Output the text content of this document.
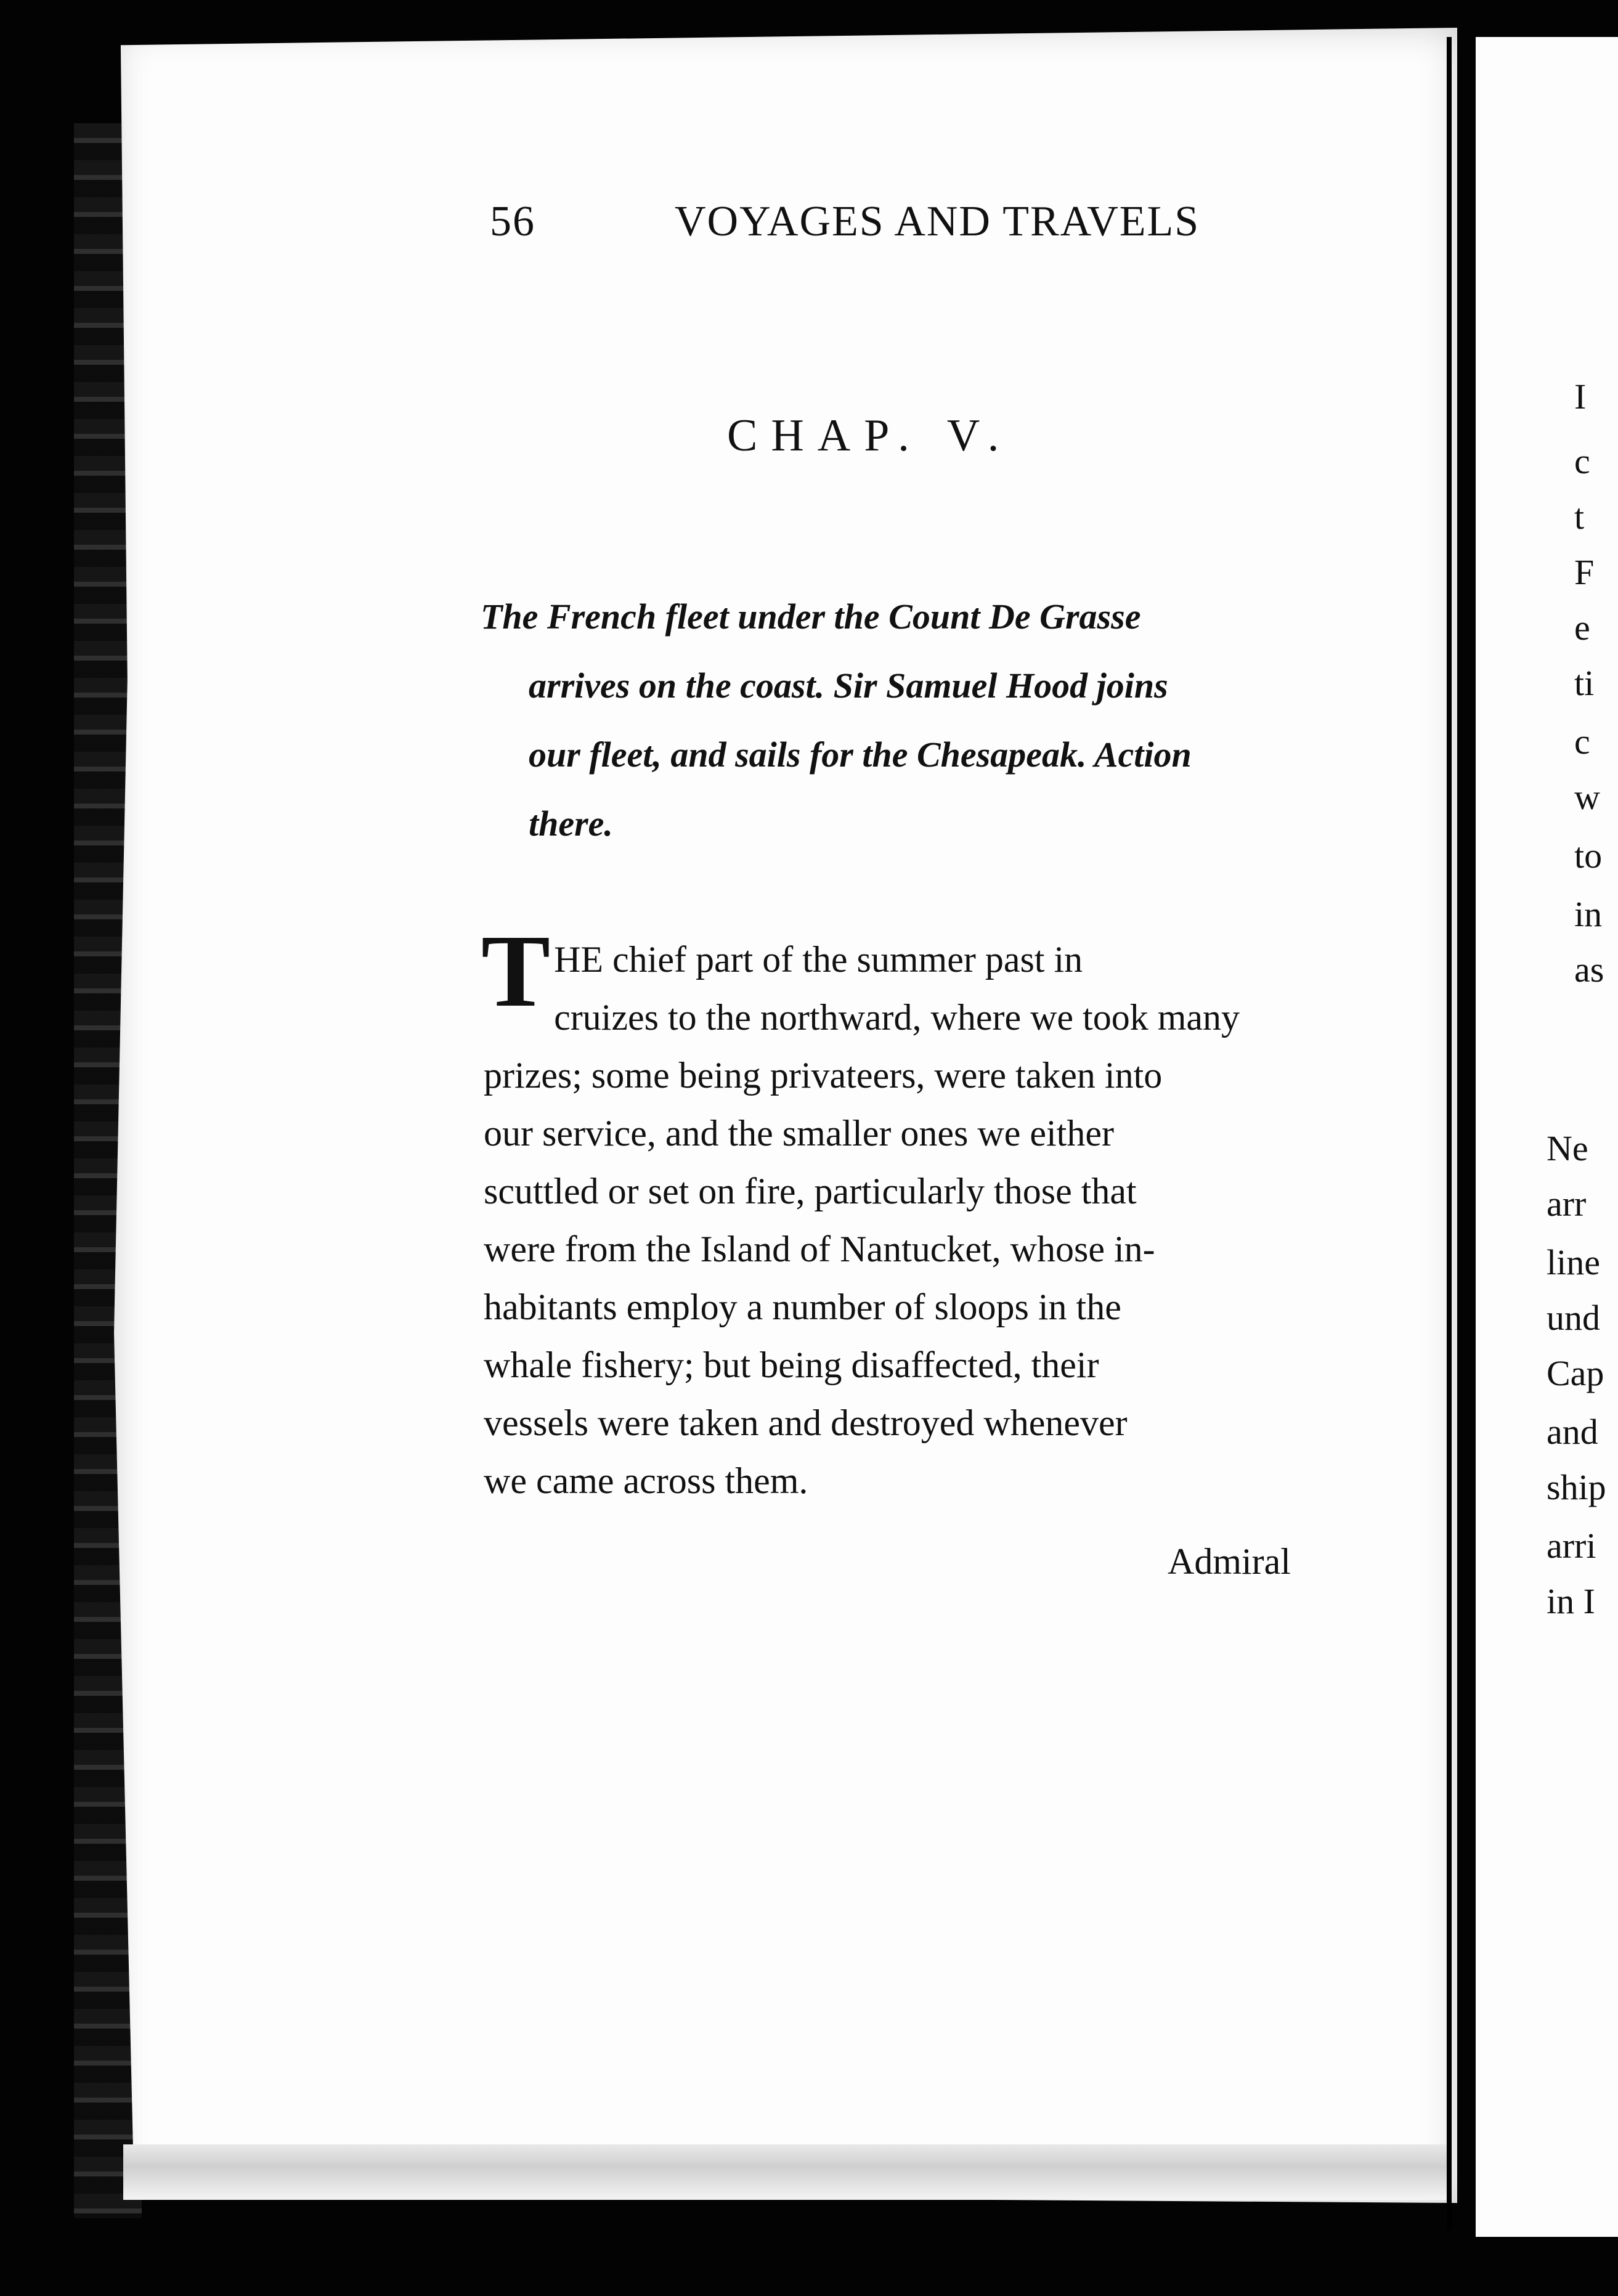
56	VOYAGES AND TRAVELS
CHAP. V.
The French fleet under the Count De Grasse
arrives on the coast. Sir Samuel Hood joins
our fleet, and sails for the Chesapeak. Action
there.
T HE chief part of the summer past in
cruizes to the northward, where we took many
prizes; some being privateers, were taken into
our service, and the smaller ones we either
scuttled or set on fire, particularly those that
were from the Island of Nantucket, whose in-
habitants employ a number of sloops in the
whale fishery; but being disaffected, their
vessels were taken and destroyed whenever
we came across them.
Admiral
I
c
t
F
e
ti
c
w
to
in
as
Ne
arr
line
und
Cap
and
ship
arri
in I
